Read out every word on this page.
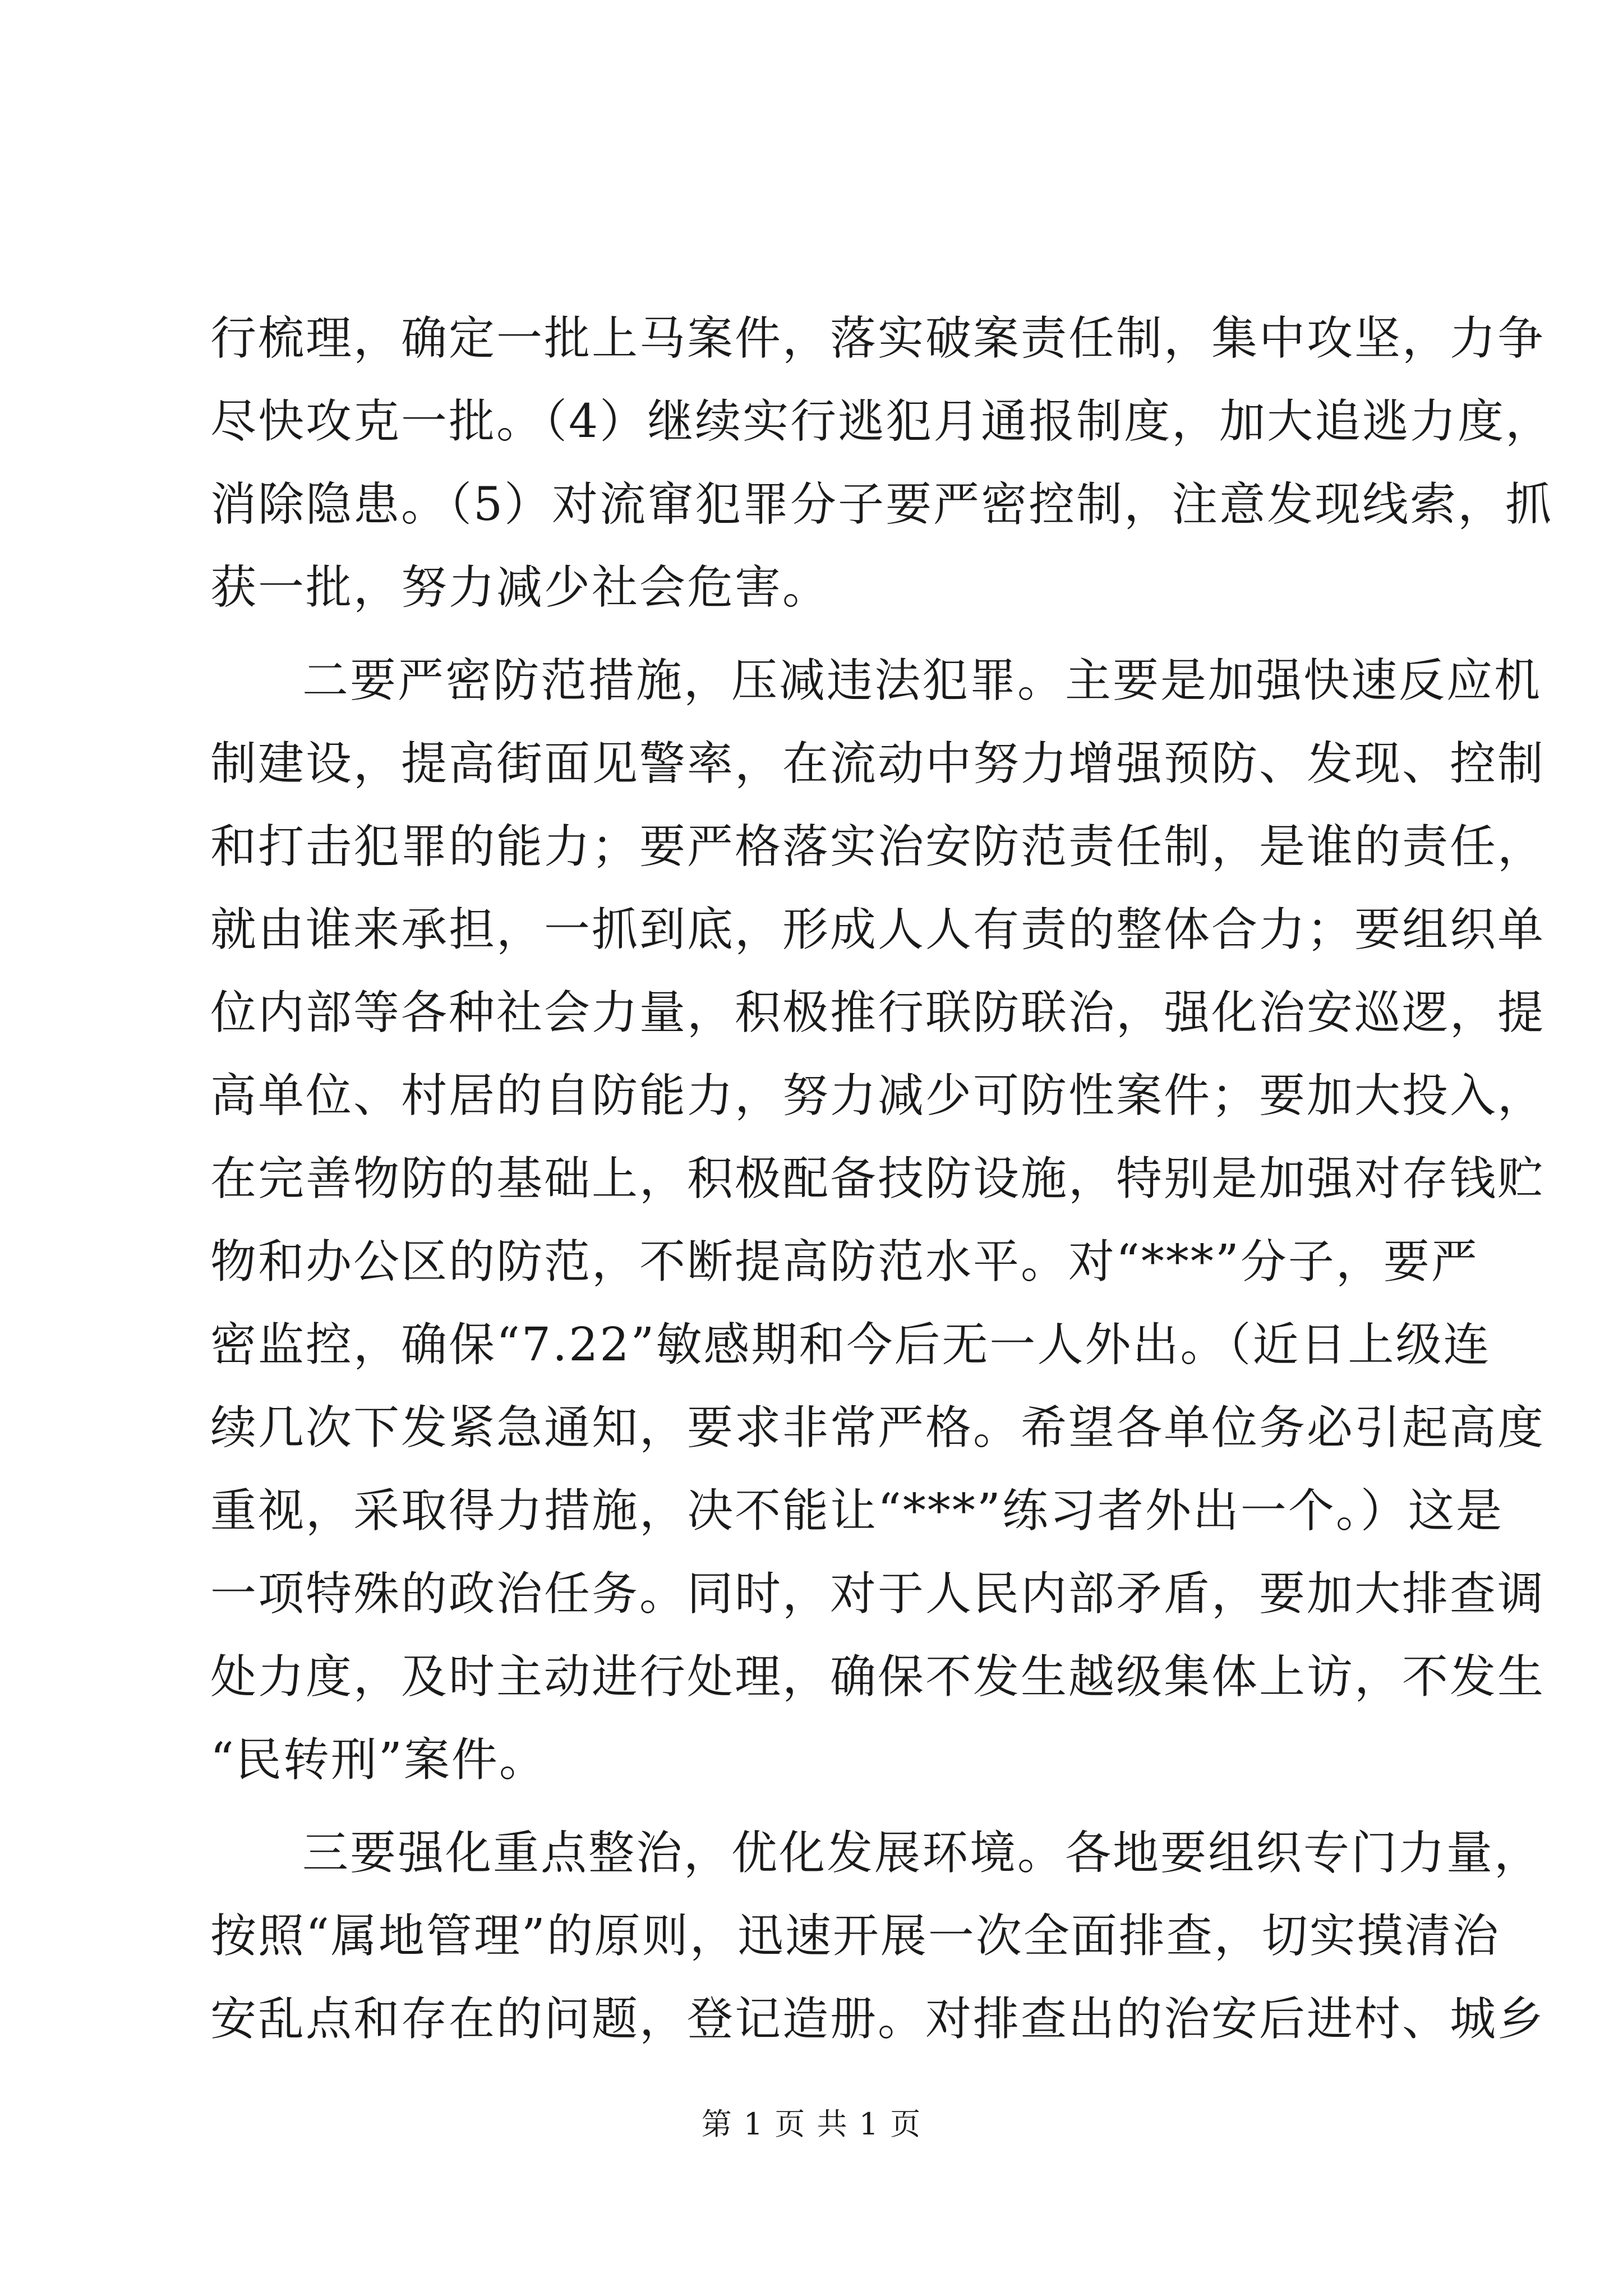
行梳理，确定一批上马案件，落实破案责任制，集中攻坚，力争
尽快攻克一批。（4）继续实行逃犯月通报制度，加大追逃力度，
消除隐患。（5）对流窜犯罪分子要严密控制，注意发现线索，抓
获一批，努力减少社会危害。
二要严密防范措施，压减违法犯罪。主要是加强快速反应机
制建设，提高街面见警率，在流动中努力增强预防、发现、控制
和打击犯罪的能力；要严格落实治安防范责任制，是谁的责任，
就由谁来承担，一抓到底，形成人人有责的整体合力；要组织单
位内部等各种社会力量，积极推行联防联治，强化治安巡逻，提
高单位、村居的自防能力，努力减少可防性案件；要加大投入，
在完善物防的基础上，积极配备技防设施，特别是加强对存钱贮
物和办公区的防范，不断提高防范水平。对“***”分子，要严
密监控，确保“7.22”敏感期和今后无一人外出。（近日上级连
续几次下发紧急通知，要求非常严格。希望各单位务必引起高度
重视，采取得力措施，决不能让“***”练习者外出一个。）这是
一项特殊的政治任务。同时，对于人民内部矛盾，要加大排查调
处力度，及时主动进行处理，确保不发生越级集体上访，不发生
“民转刑”案件。
三要强化重点整治，优化发展环境。各地要组织专门力量，
按照“属地管理”的原则，迅速开展一次全面排查，切实摸清治
安乱点和存在的问题，登记造册。对排查出的治安后进村、城乡
第 1 页 共 1 页
